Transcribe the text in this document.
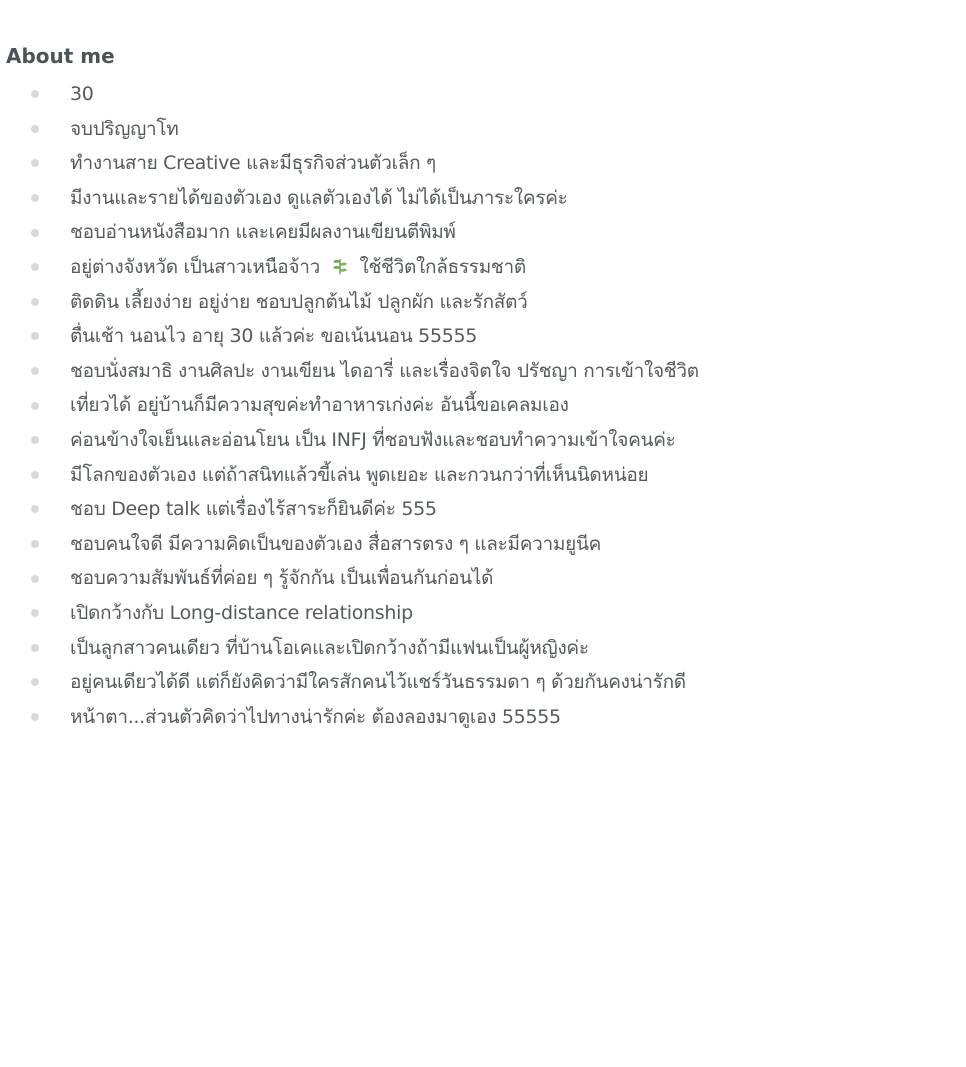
About me
30
จบปริญญาโท
ทำงานสาย Creative และมีธุรกิจส่วนตัวเล็ก ๆ
มีงานและรายได้ของตัวเอง ดูแลตัวเองได้ ไม่ได้เป็นภาระใครค่ะ
ชอบอ่านหนังสือมาก และเคยมีผลงานเขียนตีพิมพ์
อยู่ต่างจังหวัด เป็นสาวเหนือจ้าว ใช้ชีวิตใกล้ธรรมชาติ
ติดดิน เลี้ยงง่าย อยู่ง่าย ชอบปลูกต้นไม้ ปลูกผัก และรักสัตว์
ตื่นเช้า นอนไว อายุ 30 แล้วค่ะ ขอเน้นนอน 55555
ชอบนั่งสมาธิ งานศิลปะ งานเขียน ไดอารี่ และเรื่องจิตใจ ปรัชญา การเข้าใจชีวิต
เที่ยวได้ อยู่บ้านก็มีความสุขค่ะทำอาหารเก่งค่ะ อันนี้ขอเคลมเอง
ค่อนข้างใจเย็นและอ่อนโยน เป็น INFJ ที่ชอบฟังและชอบทำความเข้าใจคนค่ะ
มีโลกของตัวเอง แต่ถ้าสนิทแล้วขี้เล่น พูดเยอะ และกวนกว่าที่เห็นนิดหน่อย
ชอบ Deep talk แต่เรื่องไร้สาระก็ยินดีค่ะ 555
ชอบคนใจดี มีความคิดเป็นของตัวเอง สื่อสารตรง ๆ และมีความยูนีค
ชอบความสัมพันธ์ที่ค่อย ๆ รู้จักกัน เป็นเพื่อนกันก่อนได้
เปิดกว้างกับ Long-distance relationship
เป็นลูกสาวคนเดียว ที่บ้านโอเคและเปิดกว้างถ้ามีแฟนเป็นผู้หญิงค่ะ
อยู่คนเดียวได้ดี แต่ก็ยังคิดว่ามีใครสักคนไว้แชร์วันธรรมดา ๆ ด้วยกันคงน่ารักดี
หน้าตา...ส่วนตัวคิดว่าไปทางน่ารักค่ะ ต้องลองมาดูเอง 55555
